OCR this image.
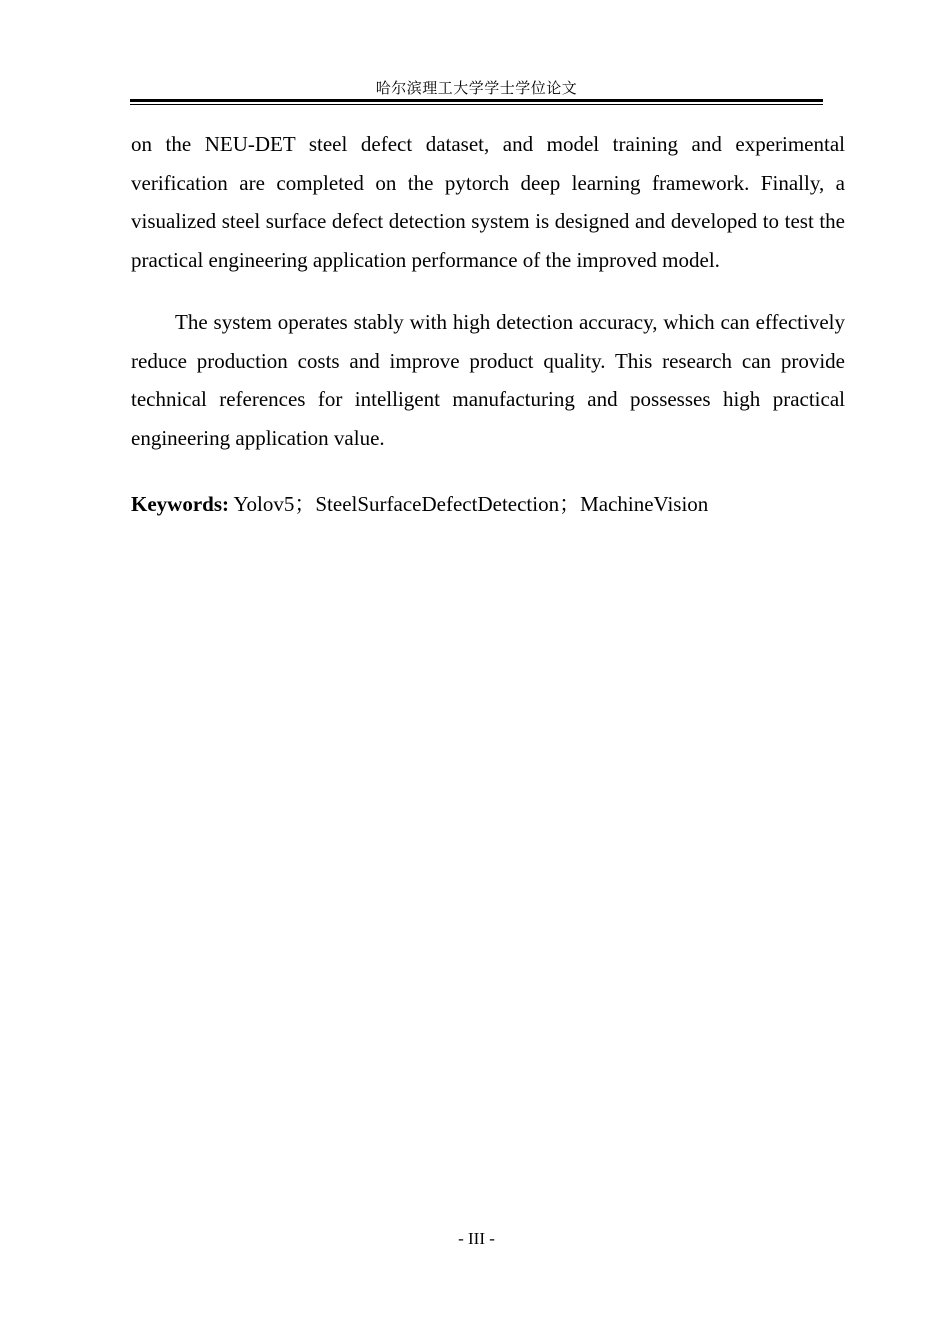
哈尔滨理工大学学士学位论文

on the NEU-DET steel defect dataset, and model training and experimental verification are completed on the pytorch deep learning framework. Finally, a visualized steel surface defect detection system is designed and developed to test the practical engineering application performance of the improved model.

The system operates stably with high detection accuracy, which can effectively reduce production costs and improve product quality. This research can provide technical references for intelligent manufacturing and possesses high practical engineering application value.

Keywords: Yolov5；SteelSurfaceDefectDetection；MachineVision

- III -
